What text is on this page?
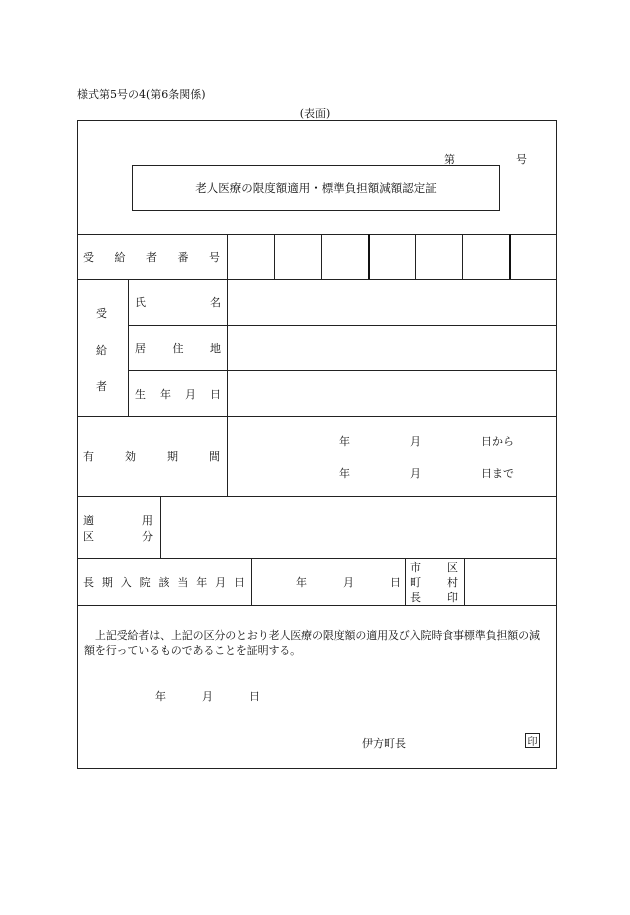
様式第5号の4(第6条関係)
(表面)
第	号
老人医療の限度額適用・標準負担額減額認定証
受 給 者 番 号
受
給
者
氏	名
居 住 地
生 年 月 日
有	効	期	間
年	月	日から
年	月	日まで
適	用
区	分
長 期 入 院 該 当 年 月 日	年	月	日
市 区
町 村
長 印
上記受給者は、上記の区分のとおり老人医療の限度額の適用及び入院時食事標準負担額の減額を行っているものであることを証明する。
年	月	日
伊方町長	印
